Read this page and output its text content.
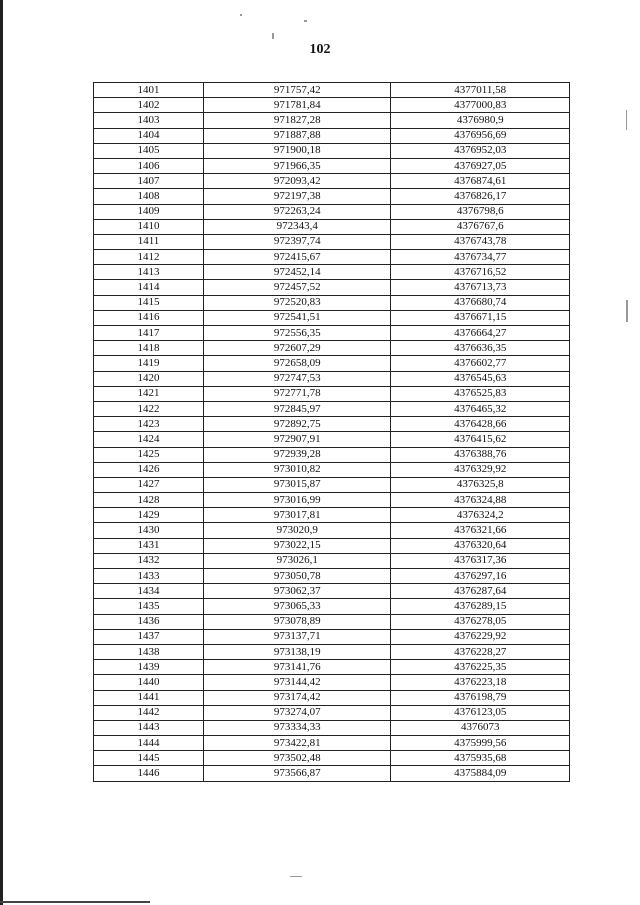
102
1401	971757,42	4377011,58
1402	971781,84	4377000,83
1403	971827,28	4376980,9
1404	971887,88	4376956,69
1405	971900,18	4376952,03
1406	971966,35	4376927,05
1407	972093,42	4376874,61
1408	972197,38	4376826,17
1409	972263,24	4376798,6
1410	972343,4	4376767,6
1411	972397,74	4376743,78
1412	972415,67	4376734,77
1413	972452,14	4376716,52
1414	972457,52	4376713,73
1415	972520,83	4376680,74
1416	972541,51	4376671,15
1417	972556,35	4376664,27
1418	972607,29	4376636,35
1419	972658,09	4376602,77
1420	972747,53	4376545,63
1421	972771,78	4376525,83
1422	972845,97	4376465,32
1423	972892,75	4376428,66
1424	972907,91	4376415,62
1425	972939,28	4376388,76
1426	973010,82	4376329,92
1427	973015,87	4376325,8
1428	973016,99	4376324,88
1429	973017,81	4376324,2
1430	973020,9	4376321,66
1431	973022,15	4376320,64
1432	973026,1	4376317,36
1433	973050,78	4376297,16
1434	973062,37	4376287,64
1435	973065,33	4376289,15
1436	973078,89	4376278,05
1437	973137,71	4376229,92
1438	973138,19	4376228,27
1439	973141,76	4376225,35
1440	973144,42	4376223,18
1441	973174,42	4376198,79
1442	973274,07	4376123,05
1443	973334,33	4376073
1444	973422,81	4375999,56
1445	973502,48	4375935,68
1446	973566,87	4375884,09
